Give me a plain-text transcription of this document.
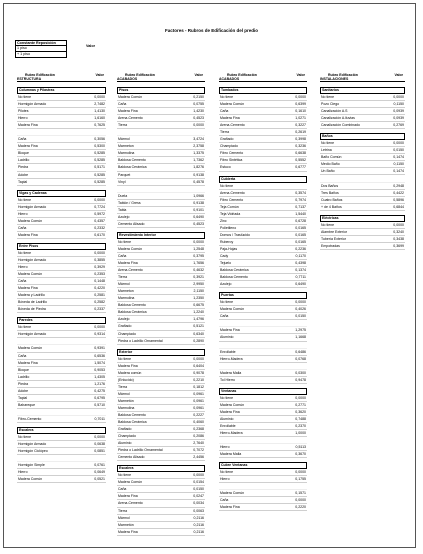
Factores - Rubros de Edificación del predio
Constante Reposición
1 piso
+ 1 piso
Valor
Rubro Edificación
ESTRUCTURA
Valor
Columnas y Pilastras
No tiene	0,0000
Hormigón Armado	2,7482
Pilotes	1,4130
Hierro	1,6160
Madera Fina	0,7625
Caña	0,3056
Madera Fina	0,5300
Bloque	0,5285
Ladrillo	0,5285
Piedra	0,5171
Adobe	0,5285
Tapial	0,5285
Vigas y Cadenas
No tiene	0,0000
Hormigón Armado	0,7724
Hierro	0,5972
Madera Común	0,4357
Caña	0,2332
Madera Fina	0,6170
Entre Pisos
No tiene	0,0000
Hormigón Armado	0,3855
Hierro	0,3929
Madera Común	0,2353
Caña	0,1448
Madera Fina	0,4220
Madera y Ladrillo	0,2581
Bóveda de Ladrillo	0,2582
Bóveda de Piedra	0,2337
Paredes
No tiene	0,0000
Hormigón Armado	0,9314
Madera Común	0,9391
Caña	0,6536
Madera Fina	1,5074
Bloque	0,9053
Ladrillo	1,4305
Piedra	1,2176
Adobe	0,4275
Tapial	0,6795
Bahareque	0,5710
Fibro-Cemento	0,7011
Escalera
No tiene	0,0000
Hormigón Armado	0,0638
Hormigón Ciclópeo	0,0851
Hormigón Simple	0,0761
Hierro	0,0649
Madera Común	0,0521
Rubro Edificación
ACABADOS
Valor
Pisos
Madera Común	0,2150
Caña	0,0755
Madera Fina	1,4230
Arena-Cemento	0,4523
Tierra	0,0000
Mármol	3,4724
Marmeton	2,3758
Marmolina	1,3375
Baldosa Cemento	1,7362
Baldosa Cerámica	1,8276
Parquet	0,9138
Vinyl	0,4578
Duela	1,0966
Tablón / Gress	0,9138
Tabla	0,9101
Azulejo	0,6490
Cemento Alisado	0,4523
Revestimiento Interior
No tiene	0,0000
Madera Común	1,2548
Caña	0,3795
Madera Fina	1,7656
Arena-Cemento	0,4632
Tierra	0,3921
Mármol	2,9950
Marmeton	2,1150
Marmolina	1,2350
Baldosa Cemento	0,6675
Baldosa Cerámica	1,2240
Azulejo	1,4796
Grafiado	0,5121
Champiado	0,6340
Piedra o Ladrillo Ornamental	0,2890
Exterior
No tiene	0,0000
Madera Fina	0,6404
Madera común	0,9078
(Enlucido)	0,2210
Tierra	0,1812
Mármol	0,0961
Marmetón	0,0961
Marmolina	0,0961
Baldosa Cemento	0,2227
Baldosa Cerámica	0,4060
Grafiado	0,2368
Champiado	0,2086
Aluminio	2,7640
Piedra o Ladrillo Ornamental	0,7072
Cemento Alisado	2,4456
Escalera
No tiene	0,0000
Madera Común	0,0154
Caña	0,0150
Madera Fina	0,0247
Arena-Cemento	0,0034
Tierra	0,0063
Mármol	0,2116
Marmetón	0,2116
Madera Fina	0,2116
Rubro Edificación
ACABADOS
Valor
Tumbados
No tiene	0,0000
Madera Común	0,6399
Caña	0,1610
Madera Fina	1,0271
Arena-Cemento	0,3227
Tierra	0,2619
Grafiado	0,3998
Champiado	0,3236
Fibro Cemento	0,6638
Fibro Sintética	0,5552
Estuco	0,6777
Cubierta
No tiene
Arena-Cemento	0,3574
Fibro Cemento	0,7974
Teja Común	0,7137
Teja Vidriada	1,5440
Zinc	0,6728
Polietileno	0,0165
Domos / Traslúcido	0,0165
Ruberoy	0,0165
Paja-Hojas	0,2236
Cady	0,1170
Tejuelo	0,4398
Baldosa Cerámica	0,1374
Baldosa Cemento	0,7711
Azulejo	0,6490
Puertas
No tiene	0,0000
Madera Común	0,4026
Caña	0,0150
Madera Fina	1,2975
Aluminio	1,1668
Enrollable	0,6486
Hierro-Madera	0,0768
Madera Malla	0,0300
Tol Hierro	0,9478
Ventanas
No tiene	0,0000
Madera Común	0,2771
Madera Fina	0,3620
Aluminio	0,7488
Enrollable	0,2370
Hierro-Madera	1,0000
Hierro	0,5113
Madera Malla	0,3670
Cubre Ventanas
No tiene	0,0000
Hierro	0,1755
Madera Común	0,1571
Caña	0,0000
Madera Fina	0,2220
Rubro Edificación
INSTALACIONES
Valor
Sanitarios
No tiene	0,0000
Pozo Ciego	0,1150
Canalización A.S	0,0939
Canalización A.lluvias	0,0939
Canalización Combinado	0,2769
Baños
No tiene	0,0000
Letrina	0,0150
Baño Común	0,1474
Medio Baño	0,1150
Un Baño	0,1474
Dos Baños	0,2948
Tres Baños	0,4422
Cuatro Baños	0,5896
+ de 4 Baños	0,6844
Eléctricas
No tiene	0,0000
Alambre Exterior	0,3240
Tubería Exterior	0,3438
Empotradas	0,3699
